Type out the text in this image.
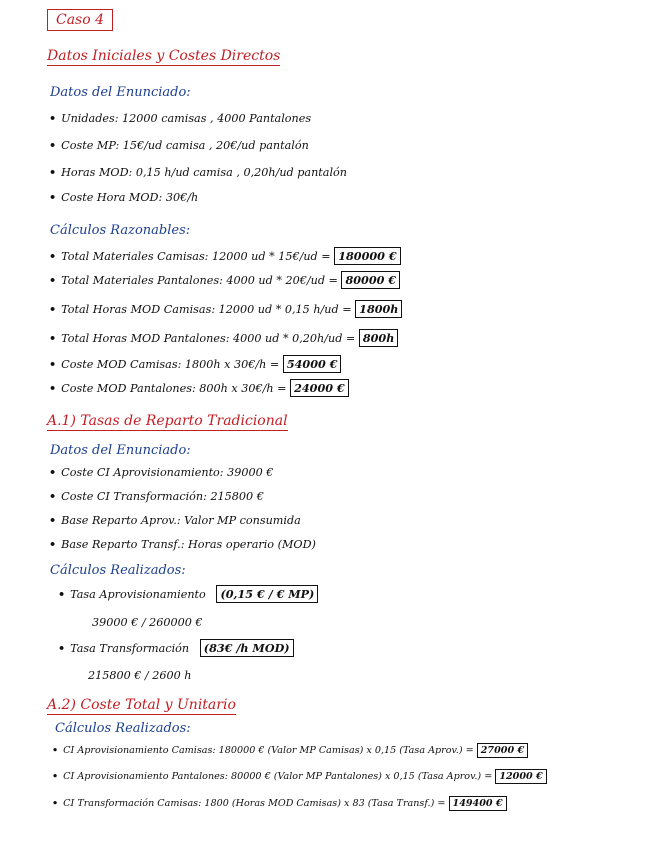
Caso 4
Datos Iniciales y Costes Directos
Datos del Enunciado:
• Unidades: 12000 camisas , 4000 Pantalones
• Coste MP: 15€/ud camisa , 20€/ud pantalón
• Horas MOD: 0,15 h/ud camisa , 0,20h/ud pantalón
• Coste Hora MOD: 30€/h
Cálculos Razonables:
• Total Materiales Camisas: 12000 ud * 15€/ud = 180000 €
• Total Materiales Pantalones: 4000 ud * 20€/ud = 80000 €
• Total Horas MOD Camisas: 12000 ud * 0,15 h/ud = 1800h
• Total Horas MOD Pantalones: 4000 ud * 0,20h/ud = 800h
• Coste MOD Camisas: 1800h x 30€/h = 54000 €
• Coste MOD Pantalones: 800h x 30€/h = 24000 €
A.1) Tasas de Reparto Tradicional
Datos del Enunciado:
• Coste CI Aprovisionamiento: 39000 €
• Coste CI Transformación: 215800 €
• Base Reparto Aprov.: Valor MP consumida
• Base Reparto Transf.: Horas operario (MOD)
Cálculos Realizados:
• Tasa Aprovisionamiento (0,15 € / € MP)
39000 € / 260000 €
• Tasa Transformación (83€ /h MOD)
215800 € / 2600 h
A.2) Coste Total y Unitario
Cálculos Realizados:
• CI Aprovisionamiento Camisas: 180000 € (Valor MP Camisas) x 0,15 (Tasa Aprov.) = 27000 €
• CI Aprovisionamiento Pantalones: 80000 € (Valor MP Pantalones) x 0,15 (Tasa Aprov.) = 12000 €
• CI Transformación Camisas: 1800 (Horas MOD Camisas) x 83 (Tasa Transf.) = 149400 €
